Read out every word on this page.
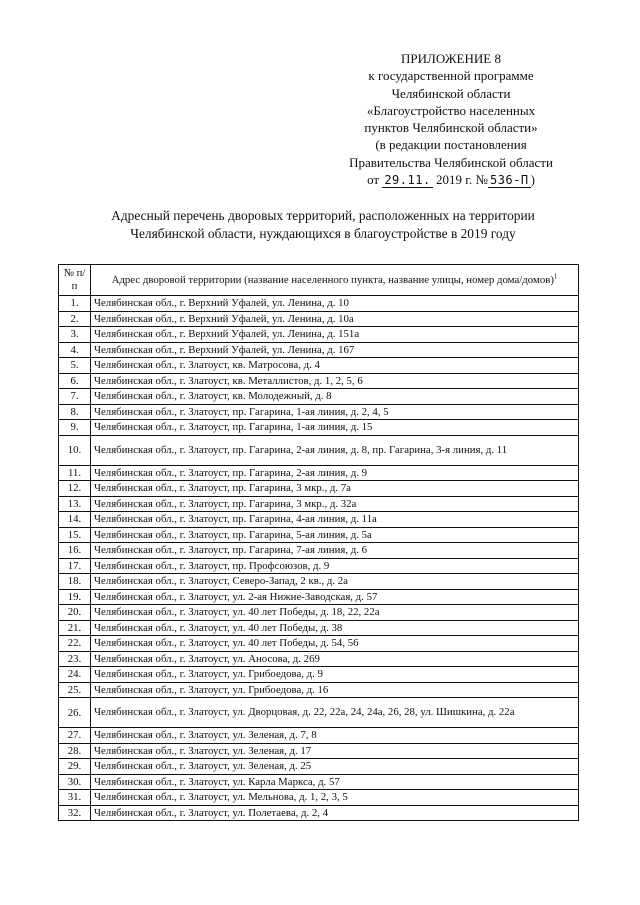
ПРИЛОЖЕНИЕ 8
к государственной программе
Челябинской области
«Благоустройство населенных
пунктов Челябинской области»
(в редакции постановления
Правительства Челябинской области
от 29.11. 2019 г. № 536-П )
Адресный перечень дворовых территорий, расположенных на территории
Челябинской области, нуждающихся в благоустройстве в 2019 году
№ п/п	Адрес дворовой территории (название населенного пункта, название улицы, номер домa/домов)$^1$
1.	Челябинская обл., г. Верхний Уфалей, ул. Ленина, д. 10
2.	Челябинская обл., г. Верхний Уфалей, ул. Ленина, д. 10а
3.	Челябинская обл., г. Верхний Уфалей, ул. Ленина, д. 151а
4.	Челябинская обл., г. Верхний Уфалей, ул. Ленина, д. 167
5.	Челябинская обл., г. Златоуст, кв. Матросова, д. 4
6.	Челябинская обл., г. Златоуст, кв. Металлистов, д. 1, 2, 5, 6
7.	Челябинская обл., г. Златоуст, кв. Молодежный, д. 8
8.	Челябинская обл., г. Златоуст, пр. Гагарина, 1-ая линия, д. 2, 4, 5
9.	Челябинская обл., г. Златоуст, пр. Гагарина, 1-ая линия, д. 15
10.	Челябинская обл., г. Златоуст, пр. Гагарина, 2-ая линия, д. 8, пр. Гагарина, 3-я линия, д. 11
11.	Челябинская обл., г. Златоуст, пр. Гагарина, 2-ая линия, д. 9
12.	Челябинская обл., г. Златоуст, пр. Гагарина, 3 мкр., д. 7а
13.	Челябинская обл., г. Златоуст, пр. Гагарина, 3 мкр., д. 32а
14.	Челябинская обл., г. Златоуст, пр. Гагарина, 4-ая линия, д. 11а
15.	Челябинская обл., г. Златоуст, пр. Гагарина, 5-ая линия, д. 5а
16.	Челябинская обл., г. Златоуст, пр. Гагарина, 7-ая линия, д. 6
17.	Челябинская обл., г. Златоуст, пр. Профсоюзов, д. 9
18.	Челябинская обл., г. Златоуст, Северо-Запад, 2 кв., д. 2а
19.	Челябинская обл., г. Златоуст, ул. 2-ая Нижне-Заводская, д. 57
20.	Челябинская обл., г. Златоуст, ул. 40 лет Победы, д. 18, 22, 22а
21.	Челябинская обл., г. Златоуст, ул. 40 лет Победы, д. 38
22.	Челябинская обл., г. Златоуст, ул. 40 лет Победы, д. 54, 56
23.	Челябинская обл., г. Златоуст, ул. Аносова, д. 269
24.	Челябинская обл., г. Златоуст, ул. Грибоедова, д. 9
25.	Челябинская обл., г. Златоуст, ул. Грибоедова, д. 16
26.	Челябинская обл., г. Златоуст, ул. Дворцовая, д. 22, 22а, 24, 24а, 26, 28, ул. Шишкина, д. 22а
27.	Челябинская обл., г. Златоуст, ул. Зеленая, д. 7, 8
28.	Челябинская обл., г. Златоуст, ул. Зеленая, д. 17
29.	Челябинская обл., г. Златоуст, ул. Зеленая, д. 25
30.	Челябинская обл., г. Златоуст, ул. Карла Маркса, д. 57
31.	Челябинская обл., г. Златоуст, ул. Мельнова, д. 1, 2, 3, 5
32.	Челябинская обл., г. Златоуст, ул. Полетаева, д. 2, 4
